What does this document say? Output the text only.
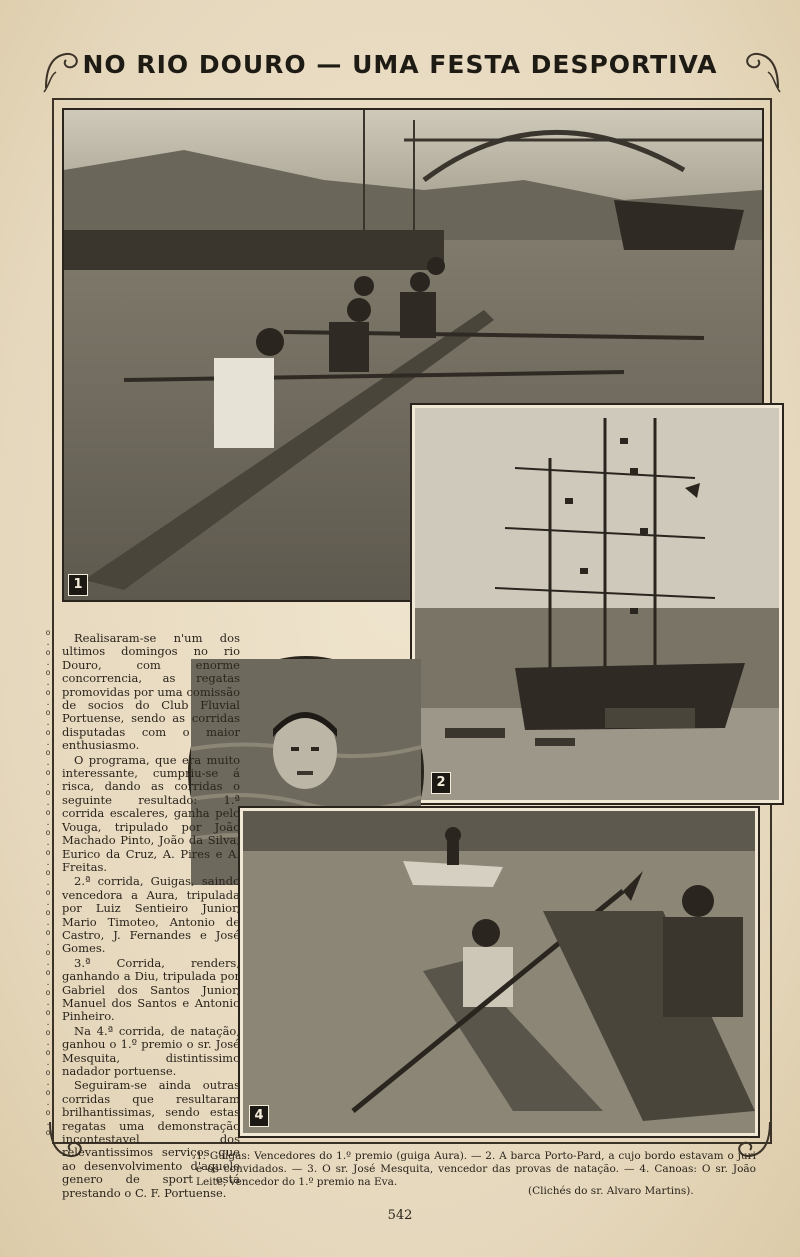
NO RIO DOURO — UMA FESTA DESPORTIVA
1
2
4
o
.
o
.
o
.
o
.
o
.
o
.
o
.
o
.
o
.
o
.
o
.
o
.
o
.
o
.
o
.
o
.
o
.
o
.
o
.
o
.
o
.
o
.
o
.
o
.
o
.
o

Realisaram-se n'um dos ultimos domingos no rio Douro, com enorme concorrencia, as regatas promovidas por uma comissão de socios do Club Fluvial Portuense, sendo as corridas disputadas com o maior enthusiasmo.

O programa, que era muito interessante, cumpriu-se á risca, dando as corridas o seguinte resultado: 1.ª corrida escaleres, ganha pelo Vouga, tripulado por João Machado Pinto, João da Silva, Eurico da Cruz, A. Pires e A. Freitas.

2.ª corrida, Guigas, saindo vencedora a Aura, tripulada por Luiz Sentieiro Junior, Mario Timoteo, Antonio de Castro, J. Fernandes e José Gomes.

3.ª Corrida, renders, ganhando a Diu, tripulada por Gabriel dos Santos Junior, Manuel dos Santos e Antonio Pinheiro.

Na 4.ª corrida, de natação, ganhou o 1.º premio o sr. José Mesquita, distintissimo nadador portuense.

Seguiram-se ainda outras corridas que resultaram brilhantissimas, sendo estas regatas uma demonstração incontestavel dos relevantissimos serviços que ao desenvolvimento d'aquele genero de sport está prestando o C. F. Portuense.

1. Guigas: Vencedores do 1.º premio (guiga Aura). — 2. A barca Porto-Pard, a cujo bordo estavam o juri e os convidados. — 3. O sr. José Mesquita, vencedor das provas de natação. — 4. Canoas: O sr. João Leite, vencedor do 1.º premio na Eva.
(Clichés do sr. Alvaro Martins).
542
